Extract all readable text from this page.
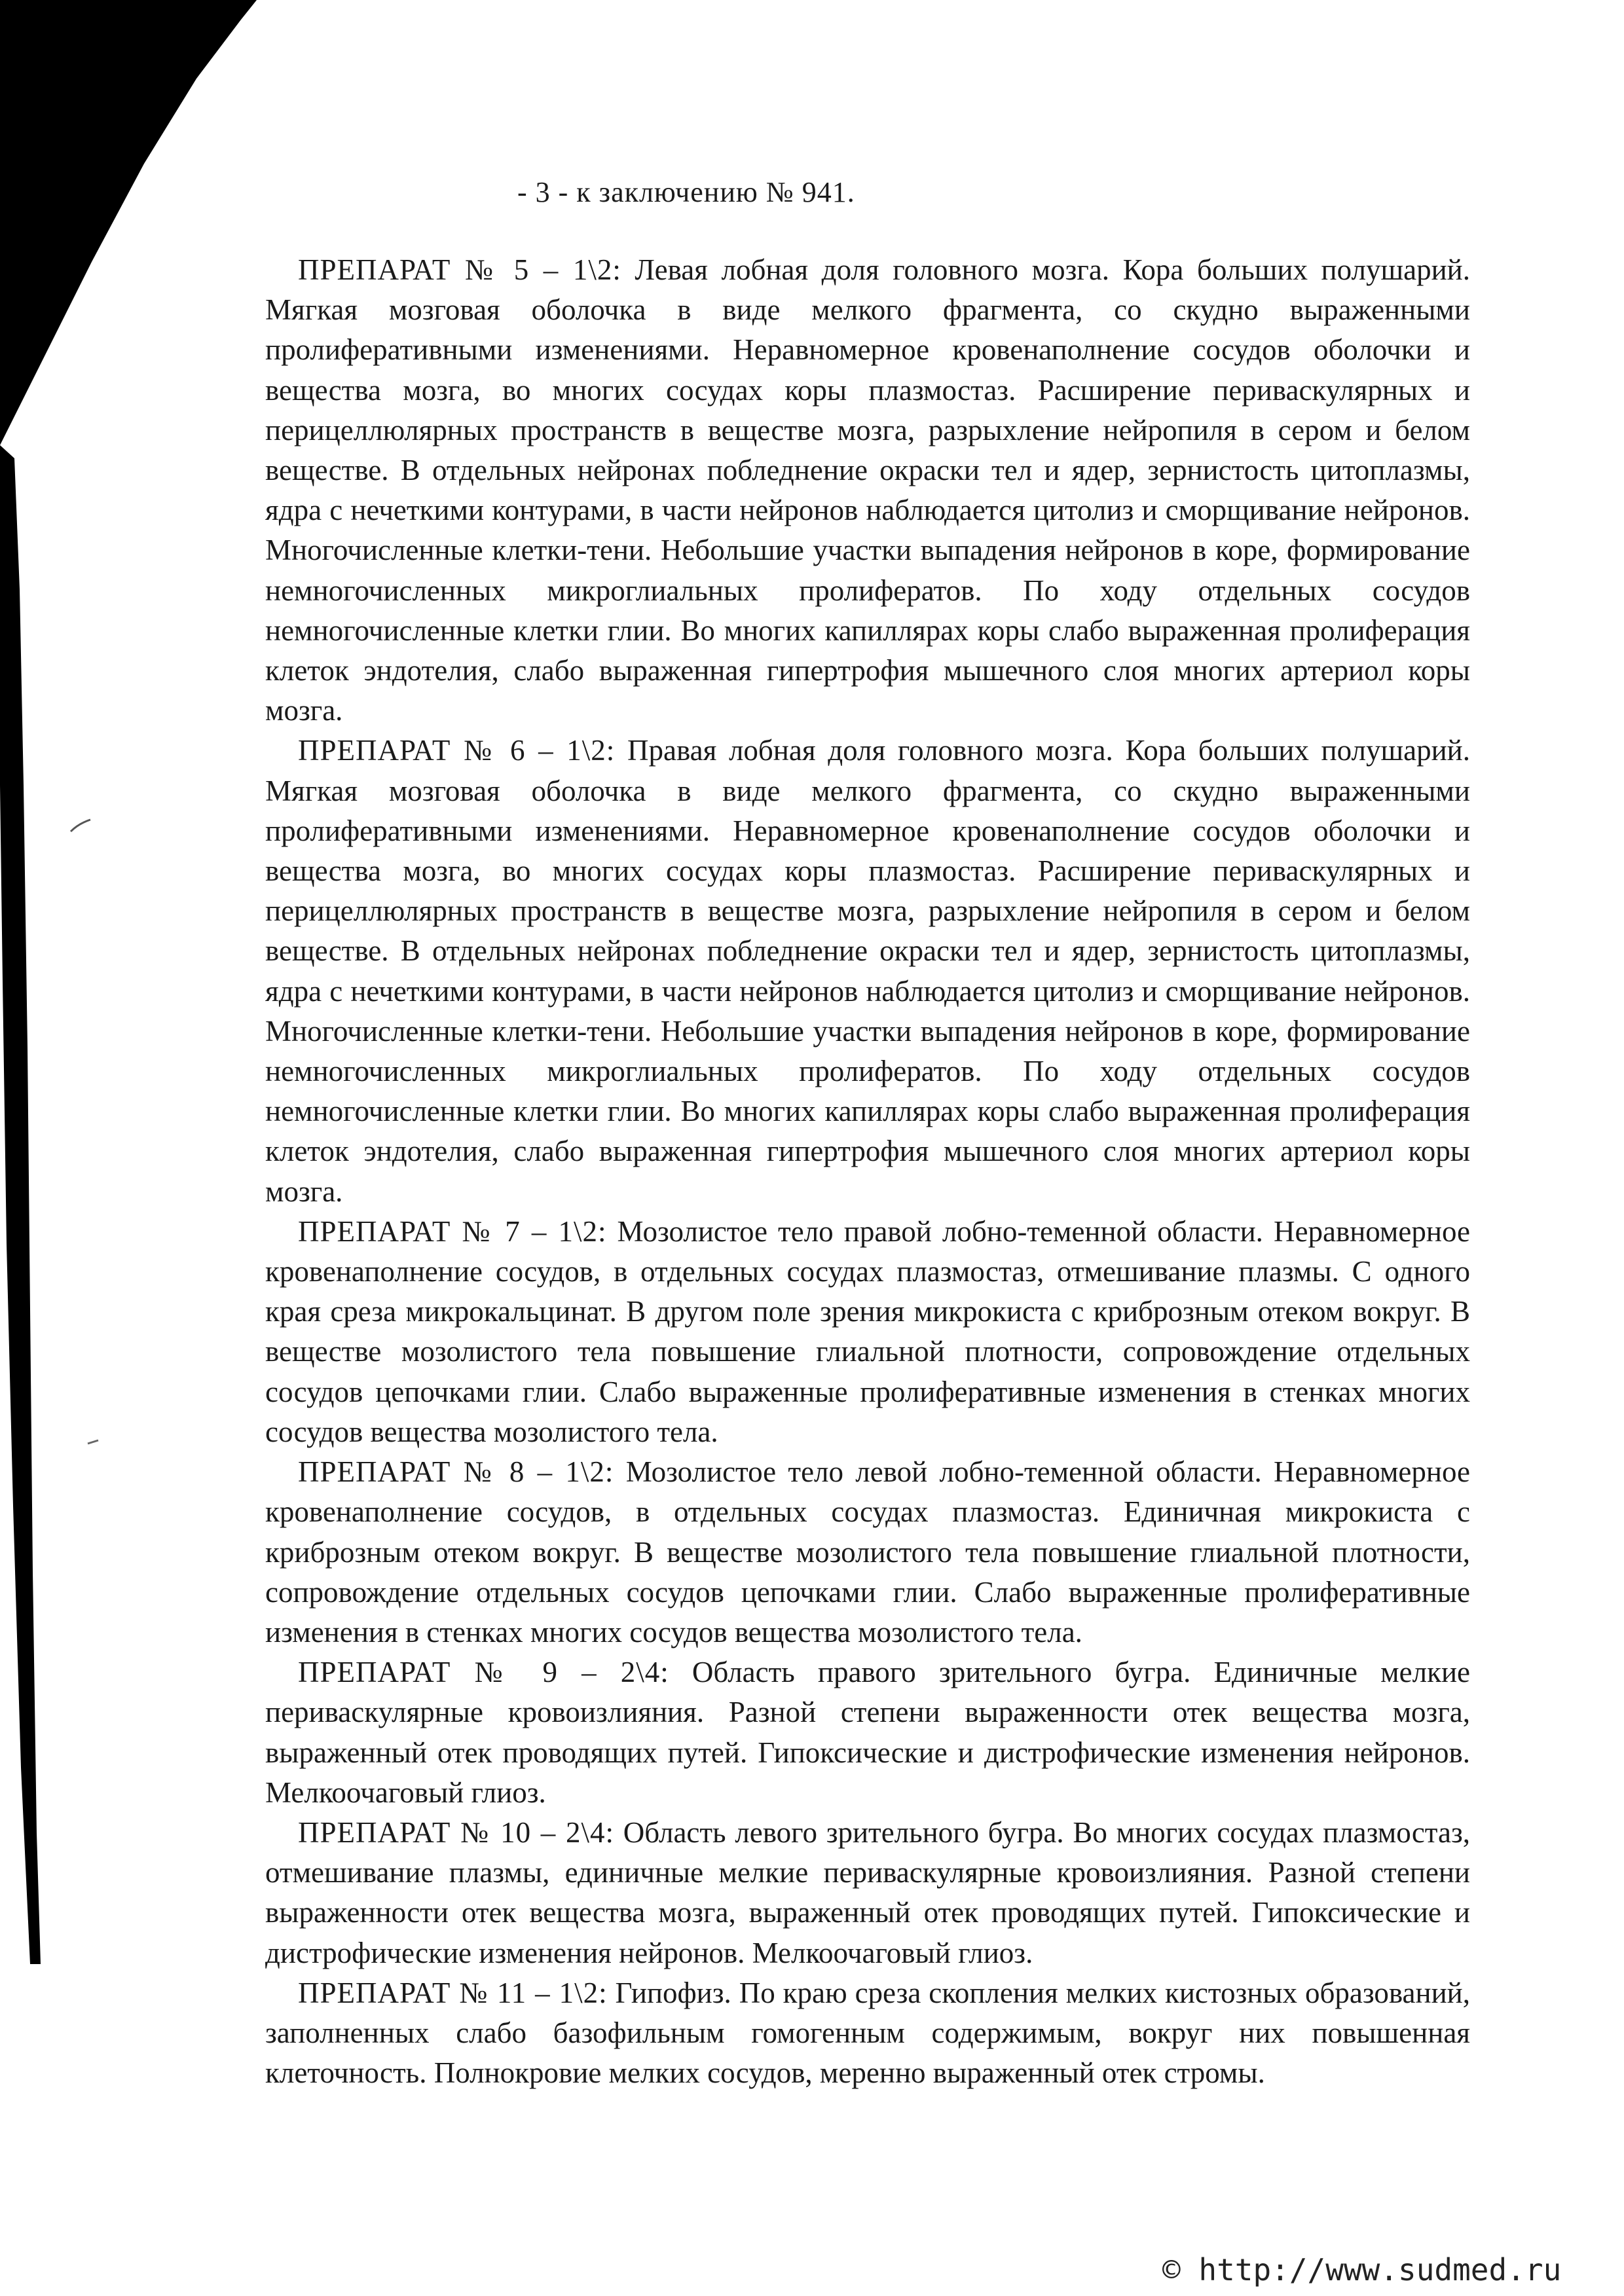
- 3 - к заключению № 941.

ПРЕПАРАТ № 5 – 1\2: Левая лобная доля головного мозга. Кора больших полушарий. Мягкая мозговая оболочка в виде мелкого фрагмента, со скудно выраженными пролиферативными изменениями. Неравномерное кровенаполнение сосудов оболочки и вещества мозга, во многих сосудах коры плазмостаз. Расширение периваскулярных и перицеллюлярных пространств в веществе мозга, разрыхление нейропиля в сером и белом веществе. В отдельных нейронах побледнение окраски тел и ядер, зернистость цитоплазмы, ядра с нечеткими контурами, в части нейронов наблюдается цитолиз и сморщивание нейронов. Многочисленные клетки-тени. Небольшие участки выпадения нейронов в коре, формирование немногочисленных микроглиальных пролифератов. По ходу отдельных сосудов немногочисленные клетки глии. Во многих капиллярах коры слабо выраженная пролиферация клеток эндотелия, слабо выраженная гипертрофия мышечного слоя многих артериол коры мозга.

ПРЕПАРАТ № 6 – 1\2: Правая лобная доля головного мозга. Кора больших полушарий. Мягкая мозговая оболочка в виде мелкого фрагмента, со скудно выраженными пролиферативными изменениями. Неравномерное кровенаполнение сосудов оболочки и вещества мозга, во многих сосудах коры плазмостаз. Расширение периваскулярных и перицеллюлярных пространств в веществе мозга, разрыхление нейропиля в сером и белом веществе. В отдельных нейронах побледнение окраски тел и ядер, зернистость цитоплазмы, ядра с нечеткими контурами, в части нейронов наблюдается цитолиз и сморщивание нейронов. Многочисленные клетки-тени. Небольшие участки выпадения нейронов в коре, формирование немногочисленных микроглиальных пролифератов. По ходу отдельных сосудов немногочисленные клетки глии. Во многих капиллярах коры слабо выраженная пролиферация клеток эндотелия, слабо выраженная гипертрофия мышечного слоя многих артериол коры мозга.

ПРЕПАРАТ № 7 – 1\2: Мозолистое тело правой лобно-теменной области. Неравномерное кровенаполнение сосудов, в отдельных сосудах плазмостаз, отмешивание плазмы. С одного края среза микрокальцинат. В другом поле зрения микрокиста с криброзным отеком вокруг. В веществе мозолистого тела повышение глиальной плотности, сопровождение отдельных сосудов цепочками глии. Слабо выраженные пролиферативные изменения в стенках многих сосудов вещества мозолистого тела.

ПРЕПАРАТ № 8 – 1\2: Мозолистое тело левой лобно-теменной области. Неравномерное кровенаполнение сосудов, в отдельных сосудах плазмостаз. Единичная микрокиста с криброзным отеком вокруг. В веществе мозолистого тела повышение глиальной плотности, сопровождение отдельных сосудов цепочками глии. Слабо выраженные пролиферативные изменения в стенках многих сосудов вещества мозолистого тела.

ПРЕПАРАТ № 9 – 2\4: Область правого зрительного бугра. Единичные мелкие периваскулярные кровоизлияния. Разной степени выраженности отек вещества мозга, выраженный отек проводящих путей. Гипоксические и дистрофические изменения нейронов. Мелкоочаговый глиоз.

ПРЕПАРАТ № 10 – 2\4: Область левого зрительного бугра. Во многих сосудах плазмостаз, отмешивание плазмы, единичные мелкие периваскулярные кровоизлияния. Разной степени выраженности отек вещества мозга, выраженный отек проводящих путей. Гипоксические и дистрофические изменения нейронов. Мелкоочаговый глиоз.

ПРЕПАРАТ № 11 – 1\2: Гипофиз. По краю среза скопления мелких кистозных образований, заполненных слабо базофильным гомогенным содержимым, вокруг них повышенная клеточность. Полнокровие мелких сосудов, меренно выраженный отек стромы.

© http://www.sudmed.ru
